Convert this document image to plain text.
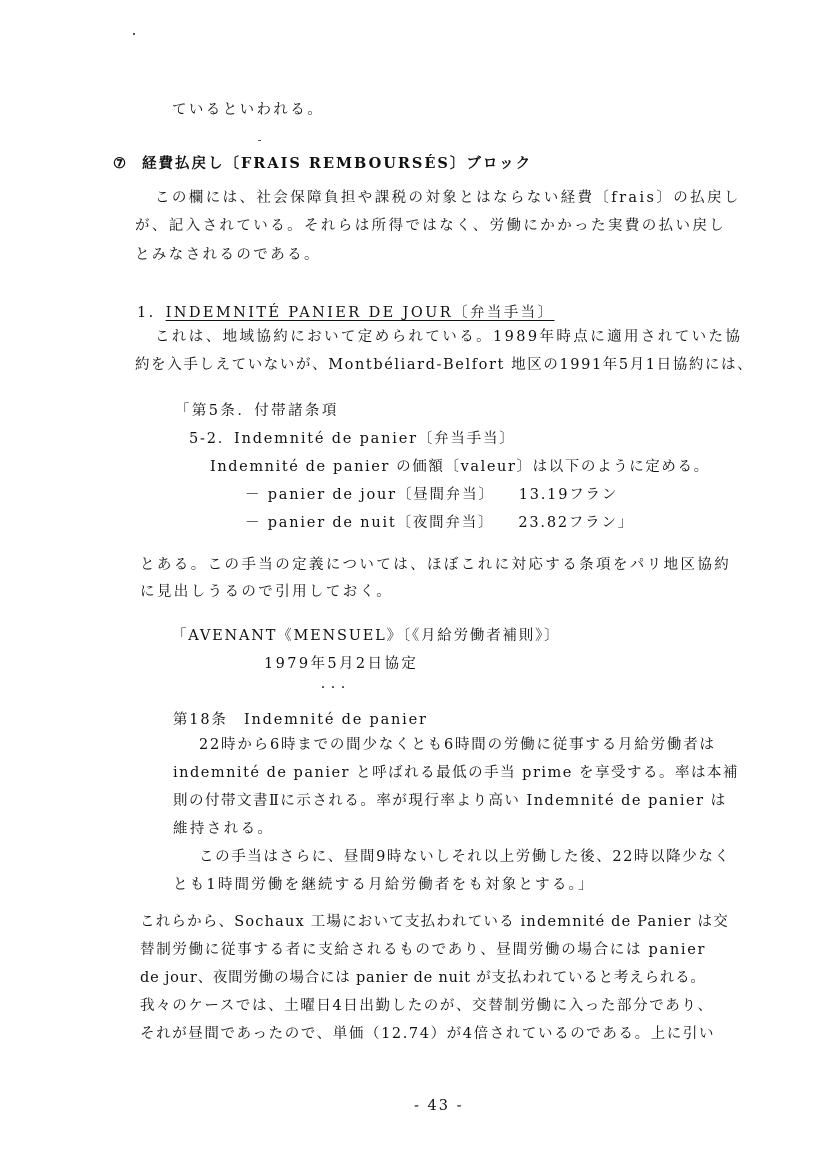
ているといわれる。
⑦ 経費払戻し〔FRAIS REMBOURSÉS〕ブロック
この欄には、社会保障負担や課税の対象とはならない経費〔frais〕の払戻し
が、記入されている。それらは所得ではなく、労働にかかった実費の払い戻し
とみなされるのである。
1. INDEMNITÉ PANIER DE JOUR〔弁当手当〕
これは、地域協約において定められている。1989年時点に適用されていた協
約を入手しえていないが、Montbéliard-Belfort 地区の1991年5月1日協約には、
「第5条．付帯諸条項
5-2．Indemnité de panier〔弁当手当〕
Indemnité de panier の価額〔valeur〕は以下のように定める。
－ panier de jour〔昼間弁当〕 13.19フラン
－ panier de nuit〔夜間弁当〕 23.82フラン」
とある。この手当の定義については、ほぼこれに対応する条項をパリ地区協約
に見出しうるので引用しておく。
「AVENANT《MENSUEL》〔《月給労働者補則》〕
1979年5月2日協定
・・・
第18条　Indemnité de panier
22時から6時までの間少なくとも6時間の労働に従事する月給労働者は
indemnité de panier と呼ばれる最低の手当 prime を享受する。率は本補
則の付帯文書Ⅱに示される。率が現行率より高い Indemnité de panier は
維持される。
この手当はさらに、昼間9時ないしそれ以上労働した後、22時以降少なく
とも1時間労働を継続する月給労働者をも対象とする。」
これらから、Sochaux 工場において支払われている indemnité de Panier は交
替制労働に従事する者に支給されるものであり、昼間労働の場合には panier
de jour、夜間労働の場合には panier de nuit が支払われていると考えられる。
我々のケースでは、土曜日4日出勤したのが、交替制労働に入った部分であり、
それが昼間であったので、単価（12.74）が4倍されているのである。上に引い
- 43 -
